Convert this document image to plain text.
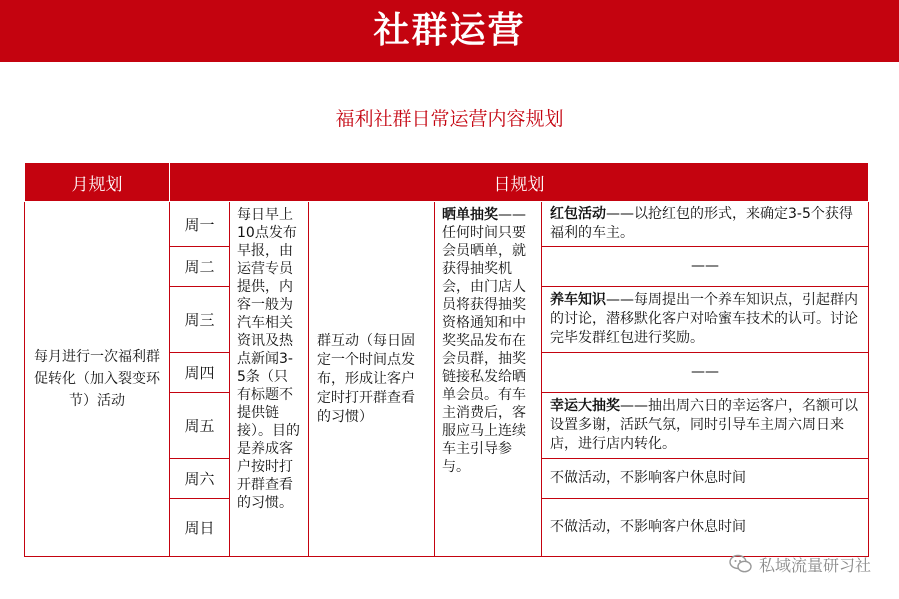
社群运营
福利社群日常运营内容规划
月规划	日规划				
每月进行一次福利群促转化（加入裂变环节）活动	周一	每日早上10点发布早报，由运营专员提供，内容一般为汽车相关资讯及热点新闻3-5条（只有标题不提供链接）。目的是养成客户按时打开群查看的习惯。	群互动（每日固定一个时间点发布，形成让客户定时打开群查看的习惯）	晒单抽奖——任何时间只要会员晒单，就获得抽奖机会，由门店人员将获得抽奖资格通知和中奖奖品发布在会员群，抽奖链接私发给晒单会员。有车主消费后，客服应马上连续车主引导参与。	红包活动——以抢红包的形式，来确定3-5个获得福利的车主。
	周二				——
	周三				养车知识——每周提出一个养车知识点，引起群内的讨论，潜移默化客户对哈蜜车技术的认可。讨论完毕发群红包进行奖励。
	周四				——
	周五				幸运大抽奖——抽出周六日的幸运客户，名额可以设置多谢，活跃气氛，同时引导车主周六周日来店，进行店内转化。
	周六				不做活动，不影响客户休息时间
	周日				不做活动，不影响客户休息时间
私域流量研习社
